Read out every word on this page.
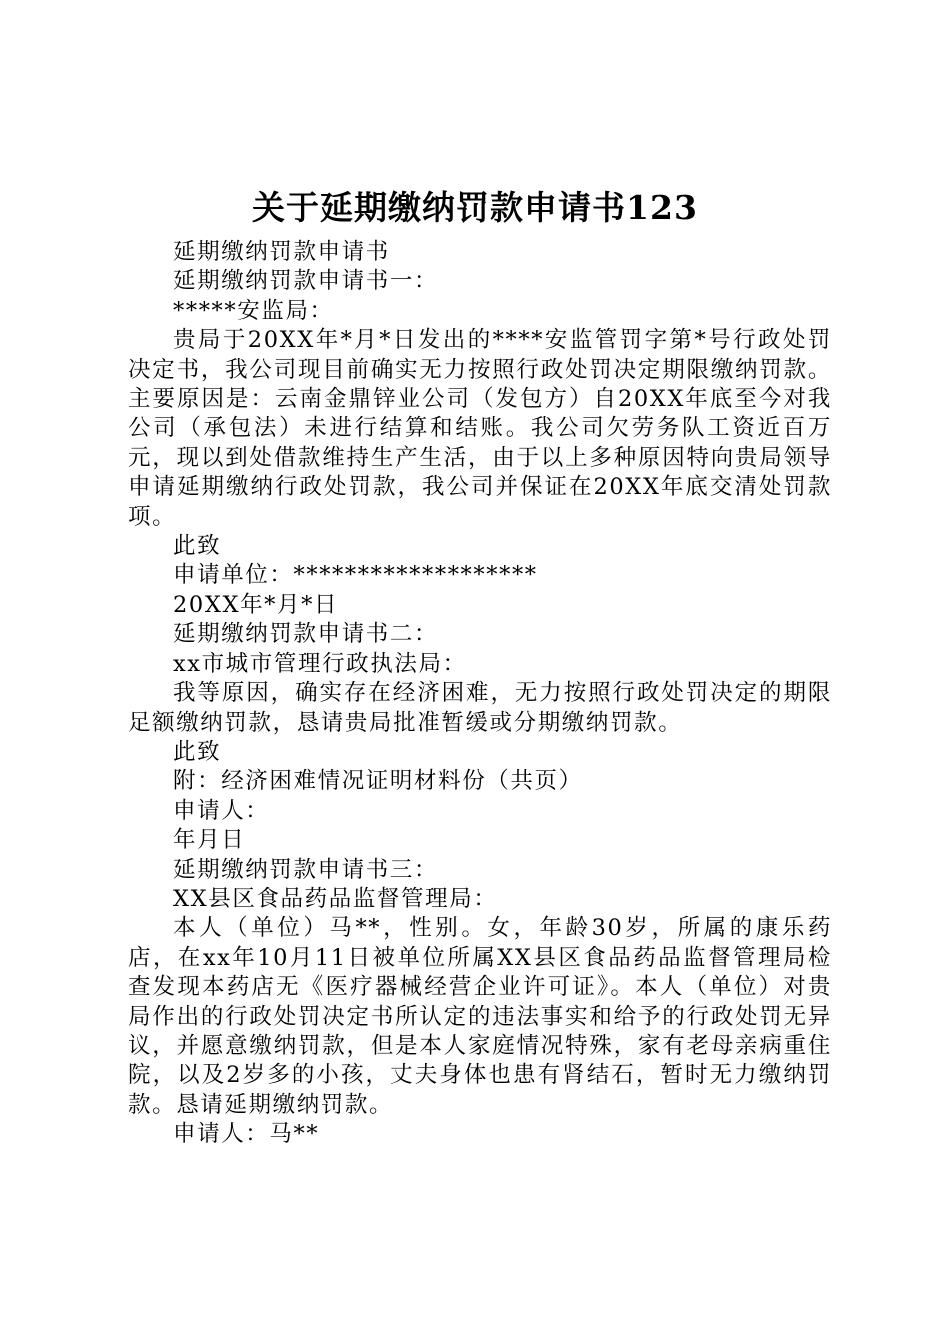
关于延期缴纳罚款申请书123

延期缴纳罚款申请书

延期缴纳罚款申请书一：

*****安监局：

贵局于20XX年*月*日发出的****安监管罚字第*号行政处罚决定书，我公司现目前确实无力按照行政处罚决定期限缴纳罚款。主要原因是：云南金鼎锌业公司（发包方）自20XX年底至今对我公司（承包法）未进行结算和结账。我公司欠劳务队工资近百万元，现以到处借款维持生产生活，由于以上多种原因特向贵局领导申请延期缴纳行政处罚款，我公司并保证在20XX年底交清处罚款项。

此致

申请单位：*******************

20XX年*月*日

延期缴纳罚款申请书二：

xx市城市管理行政执法局：

我等原因，确实存在经济困难，无力按照行政处罚决定的期限足额缴纳罚款，恳请贵局批准暂缓或分期缴纳罚款。

此致

附：经济困难情况证明材料份（共页）

申请人：

年月日

延期缴纳罚款申请书三：

XX县区食品药品监督管理局：

本人（单位）马**，性别。女，年龄30岁，所属的康乐药店，在xx年10月11日被单位所属XX县区食品药品监督管理局检查发现本药店无《医疗器械经营企业许可证》。本人（单位）对贵局作出的行政处罚决定书所认定的违法事实和给予的行政处罚无异议，并愿意缴纳罚款，但是本人家庭情况特殊，家有老母亲病重住院，以及2岁多的小孩，丈夫身体也患有肾结石，暂时无力缴纳罚款。恳请延期缴纳罚款。

申请人：马**
